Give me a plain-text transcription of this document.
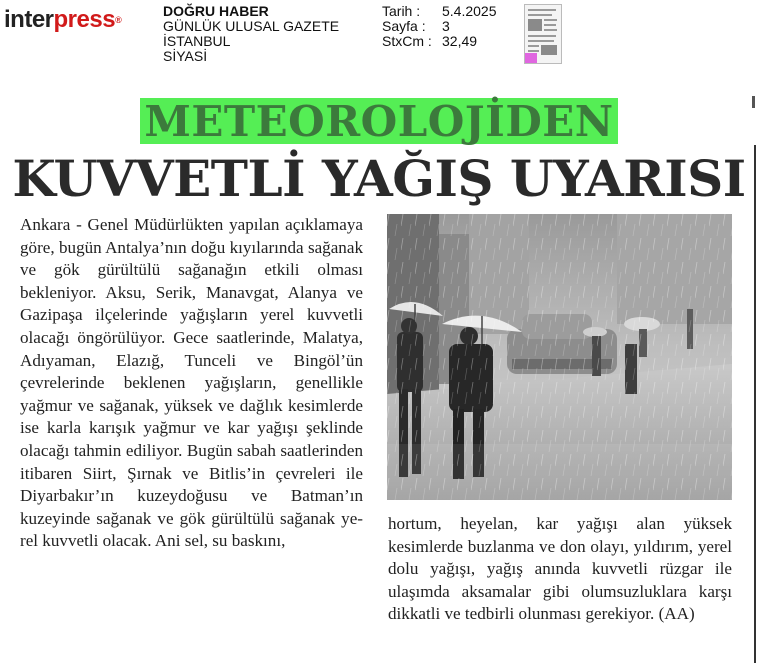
interpress®
DOĞRU HABER
GÜNLÜK ULUSAL GAZETE
İSTANBUL
SİYASİ
Tarih :	5.4.2025
Sayfa :	3
StxCm : 32,49
METEOROLOJİDEN
KUVVETLİ YAĞIŞ UYARISI
Ankara - Genel Müdürlükten yapılan açıklamaya göre, bugün Antalya’nın doğu kıyılarında sağanak ve gök gürültülü sağanağın etkili olması bekleniyor. Aksu, Serik, Manavgat, Alanya ve Gazipaşa ilçelerinde yağışların yerel kuvvetli olacağı öngörülüyor. Gece saatlerinde, Malatya, Adıyaman, Elazığ, Tunceli ve Bingöl’ün çevrelerinde beklenen yağışların, genellikle yağmur ve sağanak, yüksek ve dağlık kesimlerde ise karla karışık yağmur ve kar yağışı şeklinde olacağı tahmin ediliyor. Bugün sabah saatlerinden itibaren Siirt, Şırnak ve Bitlis’in çevreleri ile Diyarbakır’ın kuzeydoğusu ve Batman’ın kuzeyinde sağanak ve gök gürültülü sağanak yerel kuvvetli olacak. Ani sel, su baskını,
hortum, heyelan, kar yağışı alan yüksek kesimlerde buzlanma ve don olayı, yıldırım, yerel dolu yağışı, yağış anında kuvvetli rüzgar ile ulaşımda aksamalar gibi olumsuzluklara karşı dikkatli ve tedbirli olunması gerekiyor. (AA)
